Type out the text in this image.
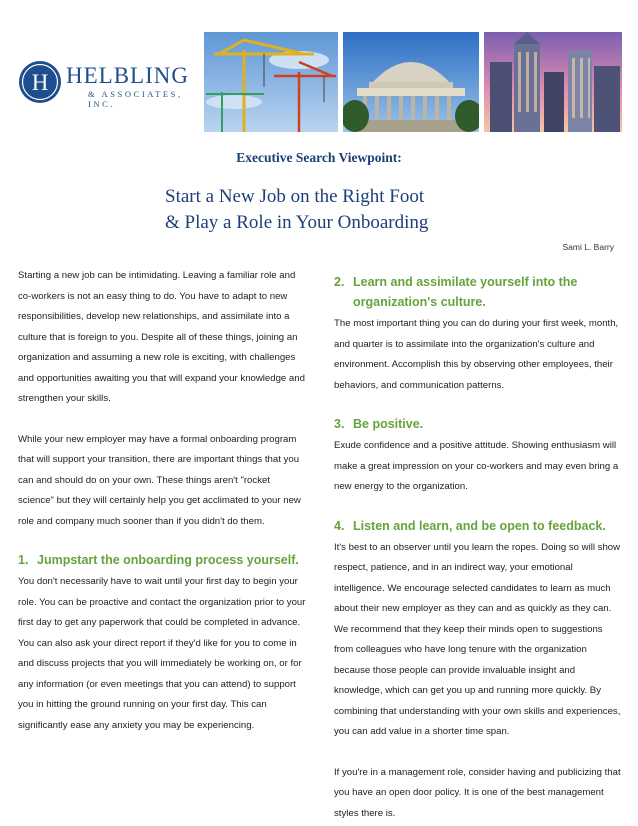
H HELBLING
& ASSOCIATES, INC.
Executive Search Viewpoint:
Start a New Job on the Right Foot
& Play a Role in Your Onboarding
Sami L. Barry

Starting a new job can be intimidating. Leaving a familiar role and co-workers is not an easy thing to do. You have to adapt to new responsibilities, develop new relationships, and assimilate into a culture that is foreign to you. Despite all of these things, joining an organization and assuming a new role is exciting, with challenges and opportunities awaiting you that will expand your knowledge and strengthen your skills.

While your new employer may have a formal onboarding program that will support your transition, there are important things that you can and should do on your own. These things aren't "rocket science" but they will certainly help you get acclimated to your new role and company much sooner than if you didn't do them.

1. Jumpstart the onboarding process yourself.

You don't necessarily have to wait until your first day to begin your role. You can be proactive and contact the organization prior to your first day to get any paperwork that could be completed in advance. You can also ask your direct report if they'd like for you to come in and discuss projects that you will immediately be working on, or for any information (or even meetings that you can attend) to support you in hitting the ground running on your first day. This can significantly ease any anxiety you may be experiencing.

2. Learn and assimilate yourself into the organization's culture.

The most important thing you can do during your first week, month, and quarter is to assimilate into the organization's culture and environment. Accomplish this by observing other employees, their behaviors, and communication patterns.

3. Be positive.

Exude confidence and a positive attitude. Showing enthusiasm will make a great impression on your co-workers and may even bring a new energy to the organization.

4. Listen and learn, and be open to feedback.

It's best to an observer until you learn the ropes. Doing so will show respect, patience, and in an indirect way, your emotional intelligence. We encourage selected candidates to learn as much about their new employer as they can and as quickly as they can. We recommend that they keep their minds open to suggestions from colleagues who have long tenure with the organization because those people can provide invaluable insight and knowledge, which can get you up and running more quickly. By combining that understanding with your own skills and experiences, you can add value in a shorter time span.

If you're in a management role, consider having and publicizing that you have an open door policy. It is one of the best management styles there is.
